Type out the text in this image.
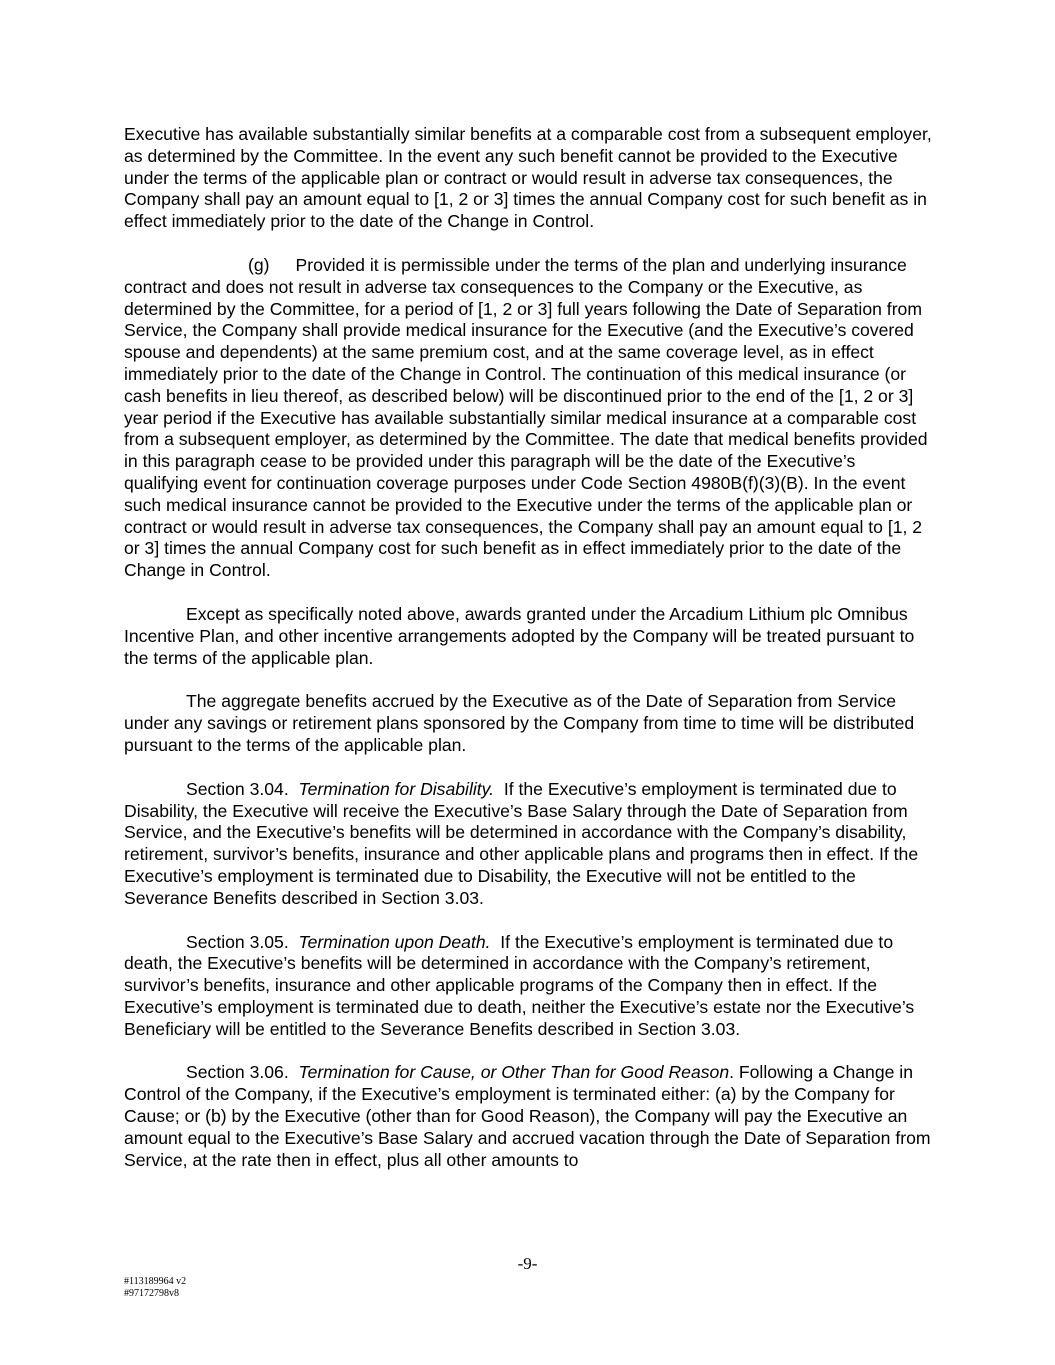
Executive has available substantially similar benefits at a comparable cost from a subsequent employer, as determined by the Committee. In the event any such benefit cannot be provided to the Executive under the terms of the applicable plan or contract or would result in adverse tax consequences, the Company shall pay an amount equal to [1, 2 or 3] times the annual Company cost for such benefit as in effect immediately prior to the date of the Change in Control.

(g) Provided it is permissible under the terms of the plan and underlying insurance contract and does not result in adverse tax consequences to the Company or the Executive, as determined by the Committee, for a period of [1, 2 or 3] full years following the Date of Separation from Service, the Company shall provide medical insurance for the Executive (and the Executive’s covered spouse and dependents) at the same premium cost, and at the same coverage level, as in effect immediately prior to the date of the Change in Control. The continuation of this medical insurance (or cash benefits in lieu thereof, as described below) will be discontinued prior to the end of the [1, 2 or 3] year period if the Executive has available substantially similar medical insurance at a comparable cost from a subsequent employer, as determined by the Committee. The date that medical benefits provided in this paragraph cease to be provided under this paragraph will be the date of the Executive’s qualifying event for continuation coverage purposes under Code Section 4980B(f)(3)(B). In the event such medical insurance cannot be provided to the Executive under the terms of the applicable plan or contract or would result in adverse tax consequences, the Company shall pay an amount equal to [1, 2 or 3] times the annual Company cost for such benefit as in effect immediately prior to the date of the Change in Control.

Except as specifically noted above, awards granted under the Arcadium Lithium plc Omnibus Incentive Plan, and other incentive arrangements adopted by the Company will be treated pursuant to the terms of the applicable plan.

The aggregate benefits accrued by the Executive as of the Date of Separation from Service under any savings or retirement plans sponsored by the Company from time to time will be distributed pursuant to the terms of the applicable plan.

Section 3.04. Termination for Disability. If the Executive’s employment is terminated due to Disability, the Executive will receive the Executive’s Base Salary through the Date of Separation from Service, and the Executive’s benefits will be determined in accordance with the Company’s disability, retirement, survivor’s benefits, insurance and other applicable plans and programs then in effect. If the Executive’s employment is terminated due to Disability, the Executive will not be entitled to the Severance Benefits described in Section 3.03.

Section 3.05. Termination upon Death. If the Executive’s employment is terminated due to death, the Executive’s benefits will be determined in accordance with the Company’s retirement, survivor’s benefits, insurance and other applicable programs of the Company then in effect. If the Executive’s employment is terminated due to death, neither the Executive’s estate nor the Executive’s Beneficiary will be entitled to the Severance Benefits described in Section 3.03.

Section 3.06. Termination for Cause, or Other Than for Good Reason. Following a Change in Control of the Company, if the Executive’s employment is terminated either: (a) by the Company for Cause; or (b) by the Executive (other than for Good Reason), the Company will pay the Executive an amount equal to the Executive’s Base Salary and accrued vacation through the Date of Separation from Service, at the rate then in effect, plus all other amounts to

-9-
#113189964 v2
#97172798v8
